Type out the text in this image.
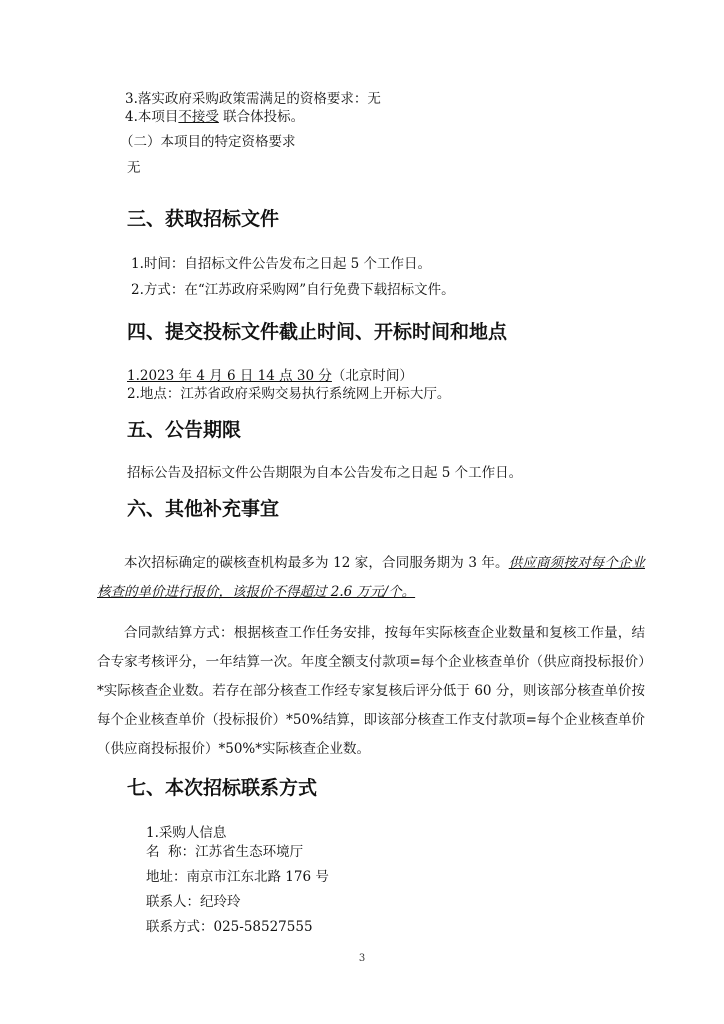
3.落实政府采购政策需满足的资格要求：无
4.本项目不接受 联合体投标。
（二）本项目的特定资格要求
无
三、获取招标文件
1.时间：自招标文件公告发布之日起 5 个工作日。
2.方式：在“江苏政府采购网”自行免费下载招标文件。
四、提交投标文件截止时间、开标时间和地点
1.2023 年 4 月 6 日 14 点 30 分（北京时间）
2.地点：江苏省政府采购交易执行系统网上开标大厅。
五、公告期限
招标公告及招标文件公告期限为自本公告发布之日起 5 个工作日。
六、其他补充事宜
本次招标确定的碳核查机构最多为 12 家，合同服务期为 3 年。供应商须按对每个企业核查的单价进行报价，该报价不得超过 2.6 万元/个。
合同款结算方式：根据核查工作任务安排，按每年实际核查企业数量和复核工作量，结合专家考核评分，一年结算一次。年度全额支付款项=每个企业核查单价（供应商投标报价）*实际核查企业数。若存在部分核查工作经专家复核后评分低于 60 分，则该部分核查单价按每个企业核查单价（投标报价）*50%结算，即该部分核查工作支付款项=每个企业核查单价（供应商投标报价）*50%*实际核查企业数。
七、本次招标联系方式
1.采购人信息
名  称：江苏省生态环境厅
地址：南京市江东北路 176 号
联系人：纪玲玲
联系方式：025-58527555
3
